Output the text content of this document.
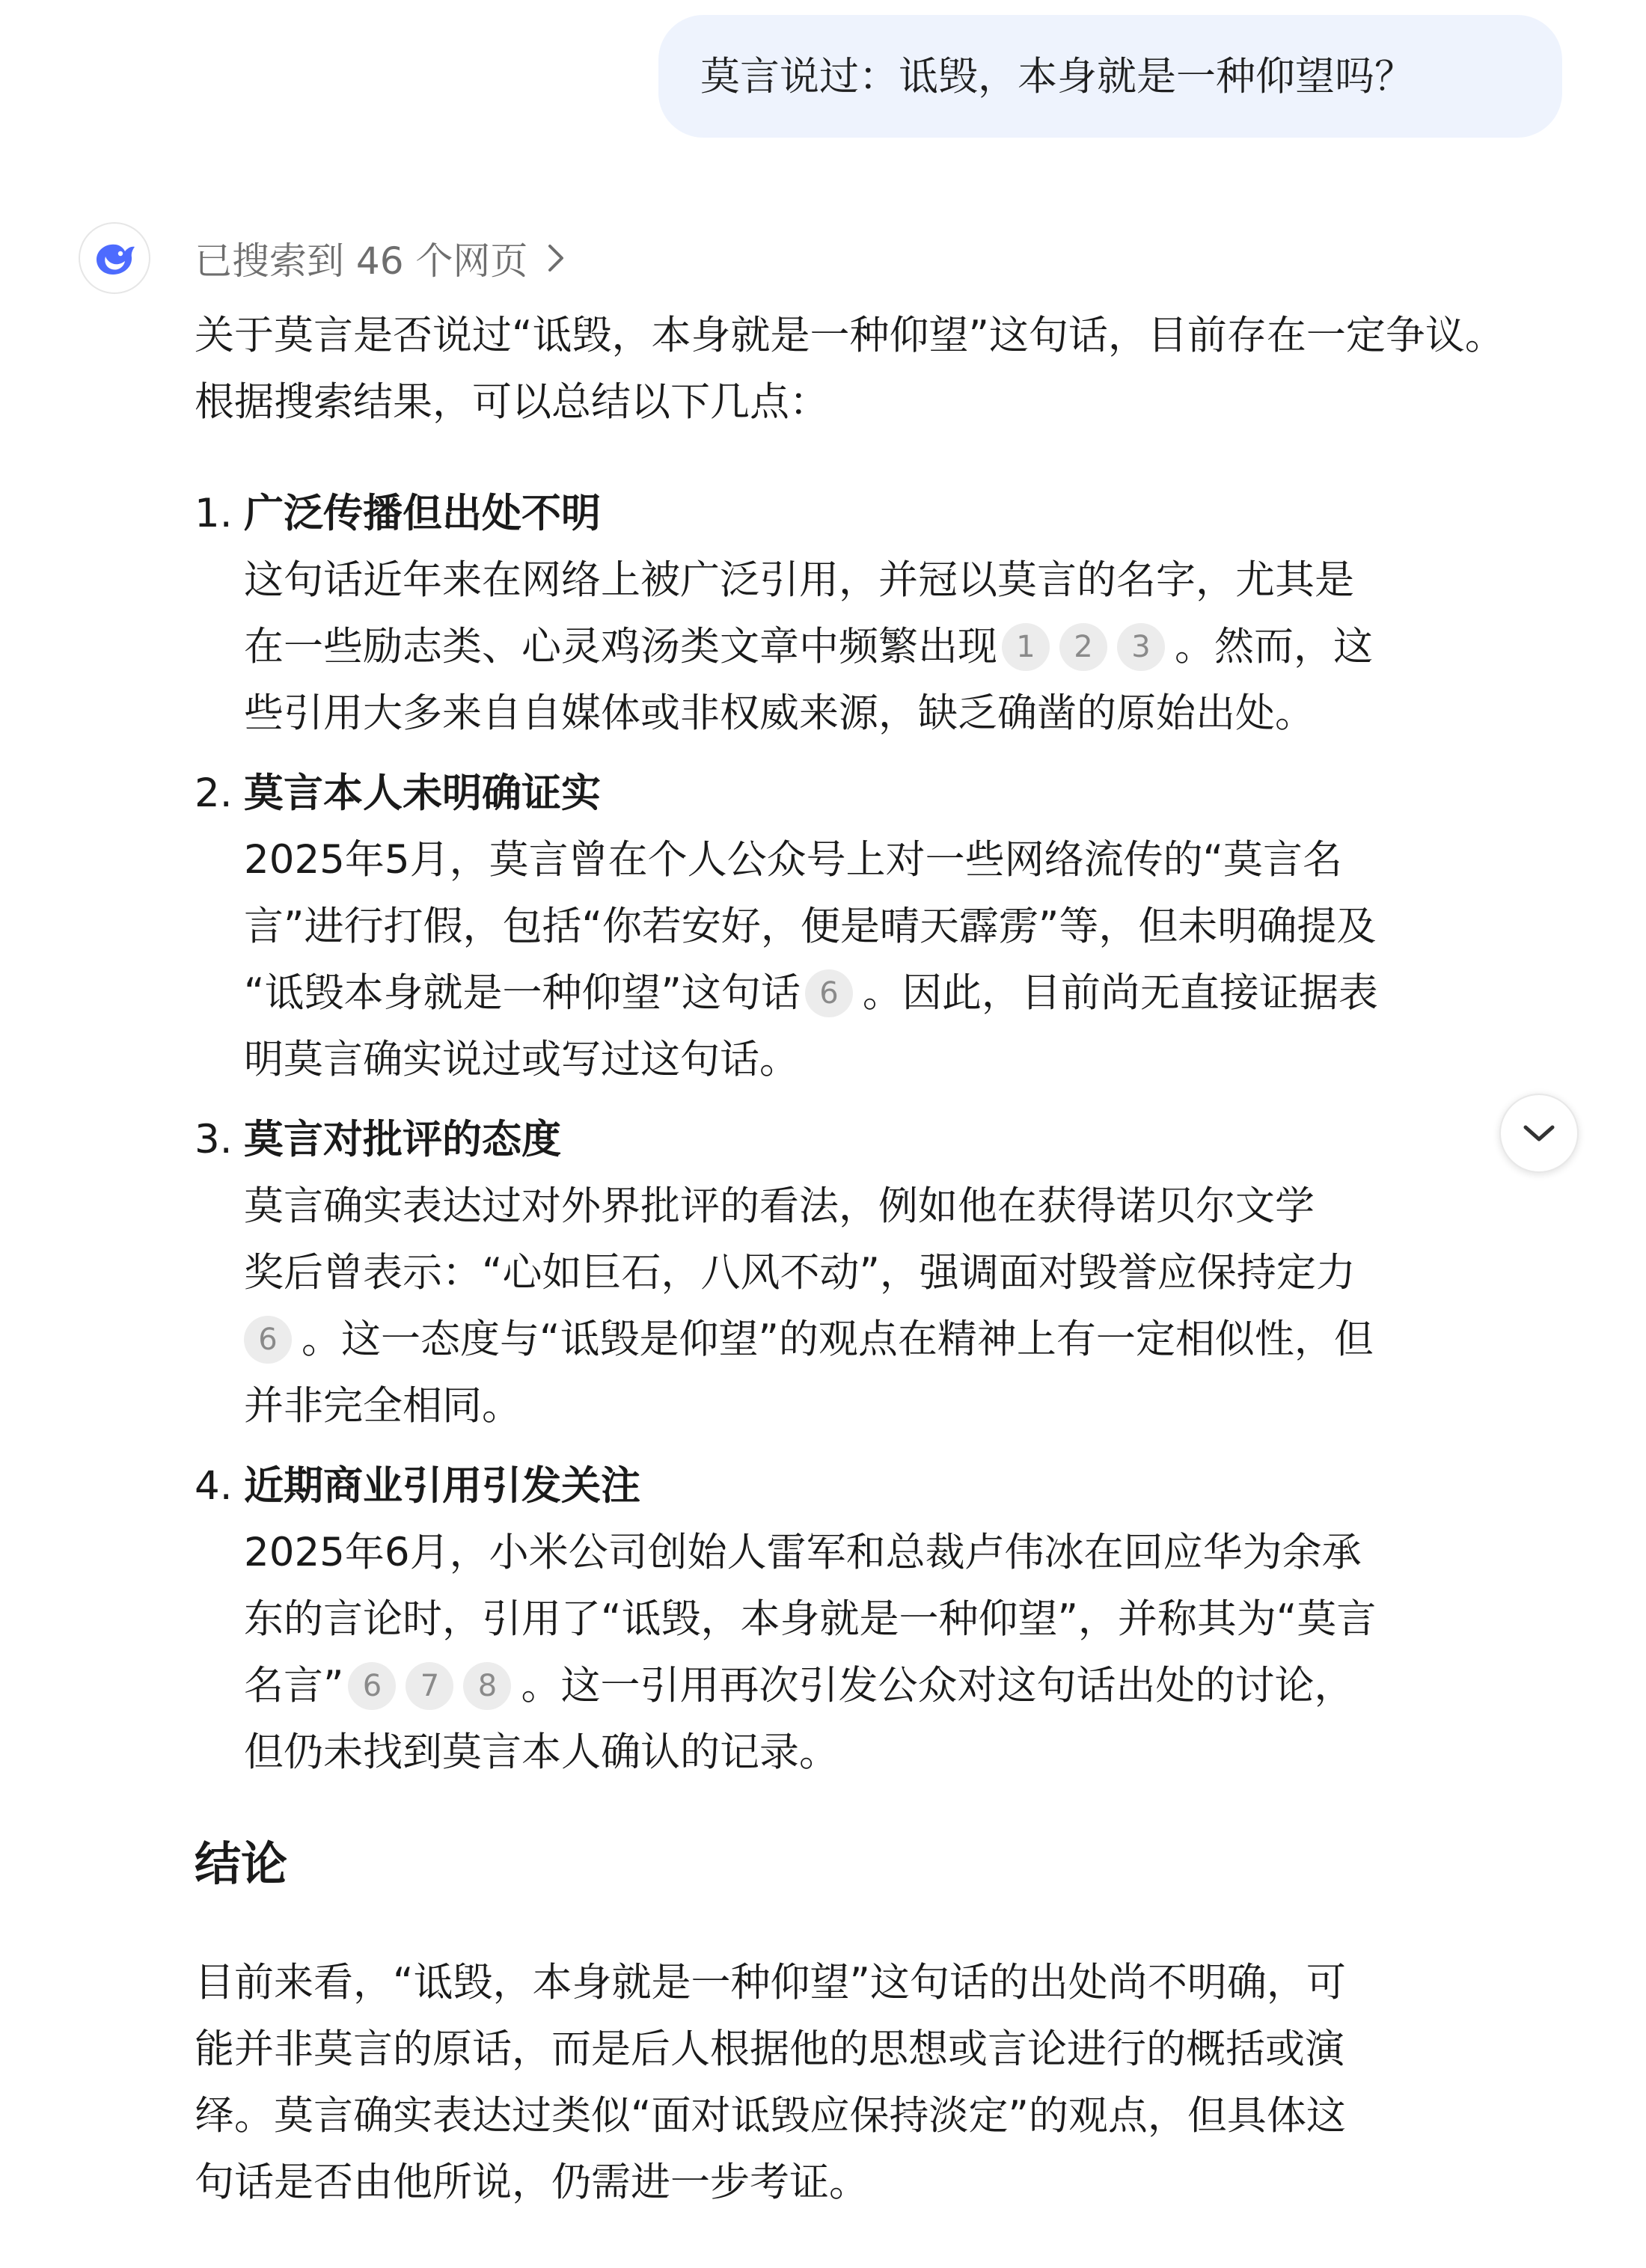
莫言说过：诋毁，本身就是一种仰望吗？
已搜索到 46 个网页

关于莫言是否说过“诋毁，本身就是一种仰望”这句话，目前存在一定争议。根据搜索结果，可以总结以下几点：

1. 广泛传播但出处不明
这句话近年来在网络上被广泛引用，并冠以莫言的名字，尤其是
在一些励志类、心灵鸡汤类文章中频繁出现 1 2 3 。然而，这
些引用大多来自自媒体或非权威来源，缺乏确凿的原始出处。
2. 莫言本人未明确证实
2025年5月，莫言曾在个人公众号上对一些网络流传的“莫言名
言”进行打假，包括“你若安好，便是晴天霹雳”等，但未明确提及
“诋毁本身就是一种仰望”这句话 6 。因此，目前尚无直接证据表
明莫言确实说过或写过这句话。
3. 莫言对批评的态度
莫言确实表达过对外界批评的看法，例如他在获得诺贝尔文学
奖后曾表示：“心如巨石，八风不动”，强调面对毁誉应保持定力
6 。这一态度与“诋毁是仰望”的观点在精神上有一定相似性，但
并非完全相同。
4. 近期商业引用引发关注
2025年6月，小米公司创始人雷军和总裁卢伟冰在回应华为余承
东的言论时，引用了“诋毁，本身就是一种仰望”，并称其为“莫言
名言” 6 7 8 。这一引用再次引发公众对这句话出处的讨论，
但仍未找到莫言本人确认的记录。
结论
目前来看，“诋毁，本身就是一种仰望”这句话的出处尚不明确，可
能并非莫言的原话，而是后人根据他的思想或言论进行的概括或演
绎。莫言确实表达过类似“面对诋毁应保持淡定”的观点，但具体这
句话是否由他所说，仍需进一步考证。
